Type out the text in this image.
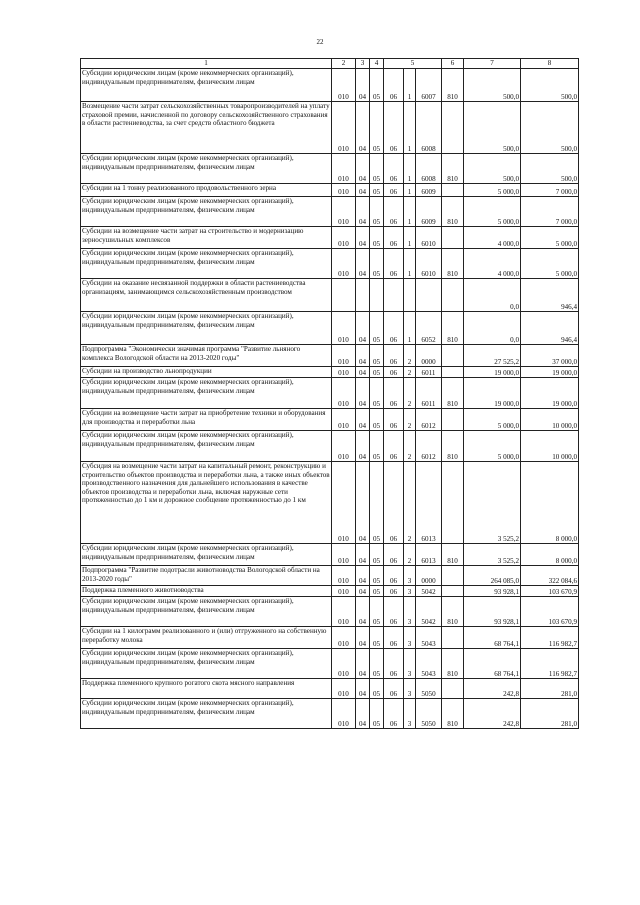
22
1	2	3	4	5			6	7	8
Субсидии юридическим лицам (кроме некоммерческих организаций), индивидуальным предпринимателям, физическим лицам	010	04	05	06	1	6007	810	500,0	500,0
Возмещение части затрат сельскохозяйственных товаропроизводителей на уплату страховой премии, начисленной по договору сельскохозяйственного страхования в области растениеводства, за счет средств областного бюджета	010	04	05	06	1	6008		500,0	500,0
Субсидии юридическим лицам (кроме некоммерческих организаций), индивидуальным предпринимателям, физическим лицам	010	04	05	06	1	6008	810	500,0	500,0
Субсидии на 1 тонну реализованного продовольственного зерна	010	04	05	06	1	6009		5 000,0	7 000,0
Субсидии юридическим лицам (кроме некоммерческих организаций), индивидуальным предпринимателям, физическим лицам	010	04	05	06	1	6009	810	5 000,0	7 000,0
Субсидии на возмещение части затрат на строительство и модернизацию зерносушильных комплексов	010	04	05	06	1	6010		4 000,0	5 000,0
Субсидии юридическим лицам (кроме некоммерческих организаций), индивидуальным предпринимателям, физическим лицам	010	04	05	06	1	6010	810	4 000,0	5 000,0
Субсидии на оказание несвязанной поддержки в области растениеводства организациям, занимающимся сельскохозяйственным производством								0,0	946,4
Субсидии юридическим лицам (кроме некоммерческих организаций), индивидуальным предпринимателям, физическим лицам	010	04	05	06	1	6052	810	0,0	946,4
Подпрограмма "Экономически значимая программа "Развитие льняного комплекса Вологодской области на 2013-2020 годы"	010	04	05	06	2	0000		27 525,2	37 000,0
Субсидии на производство льнопродукции	010	04	05	06	2	6011		19 000,0	19 000,0
Субсидии юридическим лицам (кроме некоммерческих организаций), индивидуальным предпринимателям, физическим лицам	010	04	05	06	2	6011	810	19 000,0	19 000,0
Субсидии на возмещение части затрат на приобретение техники и оборудования для производства и переработки льна	010	04	05	06	2	6012		5 000,0	10 000,0
Субсидии юридическим лицам (кроме некоммерческих организаций), индивидуальным предпринимателям, физическим лицам	010	04	05	06	2	6012	810	5 000,0	10 000,0
Субсидия на возмещение части затрат на капитальный ремонт, реконструкцию и строительство объектов производства и переработки льна, а также иных объектов производственного назначения для дальнейшего использования в качестве объектов производства и переработки льна, включая наружные сети протяженностью до 1 км и дорожное сообщение протяженностью до 1 км	010	04	05	06	2	6013		3 525,2	8 000,0
Субсидии юридическим лицам (кроме некоммерческих организаций), индивидуальным предпринимателям, физическим лицам	010	04	05	06	2	6013	810	3 525,2	8 000,0
Подпрограмма "Развитие подотрасли животноводства Вологодской области на 2013-2020 годы"	010	04	05	06	3	0000		264 085,0	322 084,6
Поддержка племенного животноводства	010	04	05	06	3	5042		93 928,1	103 670,9
Субсидии юридическим лицам (кроме некоммерческих организаций), индивидуальным предпринимателям, физическим лицам	010	04	05	06	3	5042	810	93 928,1	103 670,9
Субсидии на 1 килограмм реализованного и (или) отгруженного на собственную переработку молока	010	04	05	06	3	5043		68 764,1	116 982,7
Субсидии юридическим лицам (кроме некоммерческих организаций), индивидуальным предпринимателям, физическим лицам	010	04	05	06	3	5043	810	68 764,1	116 982,7
Поддержка племенного крупного рогатого скота мясного направления	010	04	05	06	3	5050		242,8	281,0
Субсидии юридическим лицам (кроме некоммерческих организаций), индивидуальным предпринимателям, физическим лицам	010	04	05	06	3	5050	810	242,8	281,0
